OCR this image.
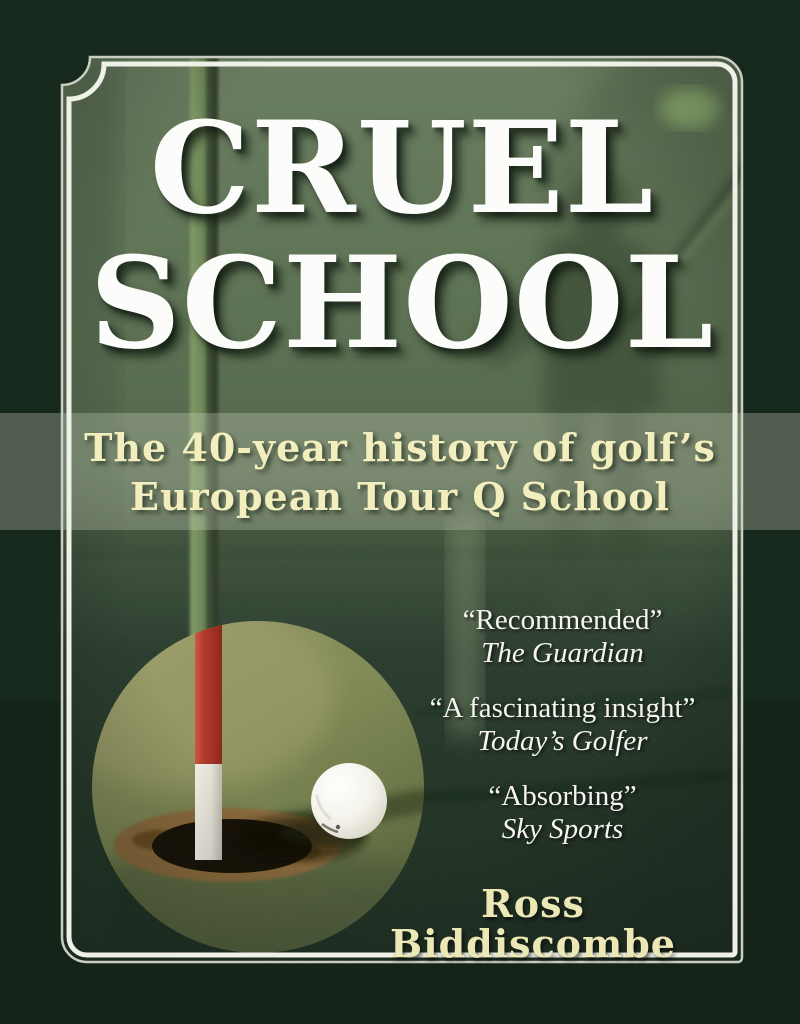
CRUEL
SCHOOL
The 40-year history of golf’s
European Tour Q School
“Recommended”
The Guardian
“A fascinating insight”
Today’s Golfer
“Absorbing”
Sky Sports
Ross Biddiscombe
